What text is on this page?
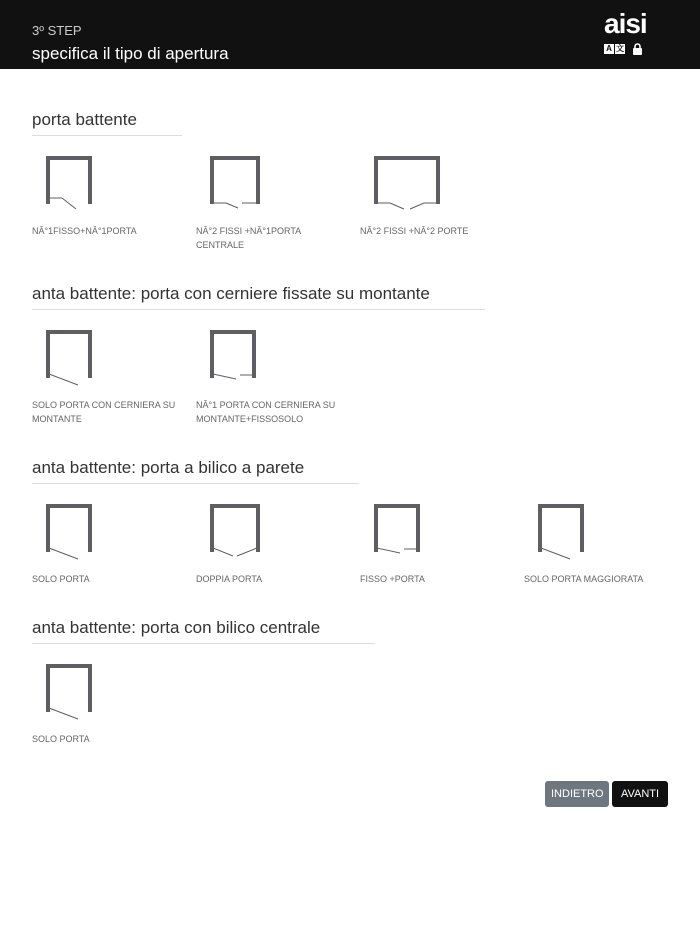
3º STEP
specifica il tipo di apertura
aisi
A 文
porta battente
NÂ°1FISSO+NÂ°1PORTA	NÂ°2 FISSI +NÂ°1PORTA CENTRALE
NÂ°2 FISSI +NÂ°2 PORTE
anta battente: porta con cerniere fissate su montante
SOLO PORTA CON CERNIERA SU MONTANTE
NÂ°1 PORTA CON CERNIERA SU MONTANTE+FISSOSOLO
anta battente: porta a bilico a parete
SOLO PORTA	DOPPIA PORTA	FISSO +PORTA	SOLO PORTA MAGGIORATA
anta battente: porta con bilico centrale
SOLO PORTA
INDIETRO	AVANTI
